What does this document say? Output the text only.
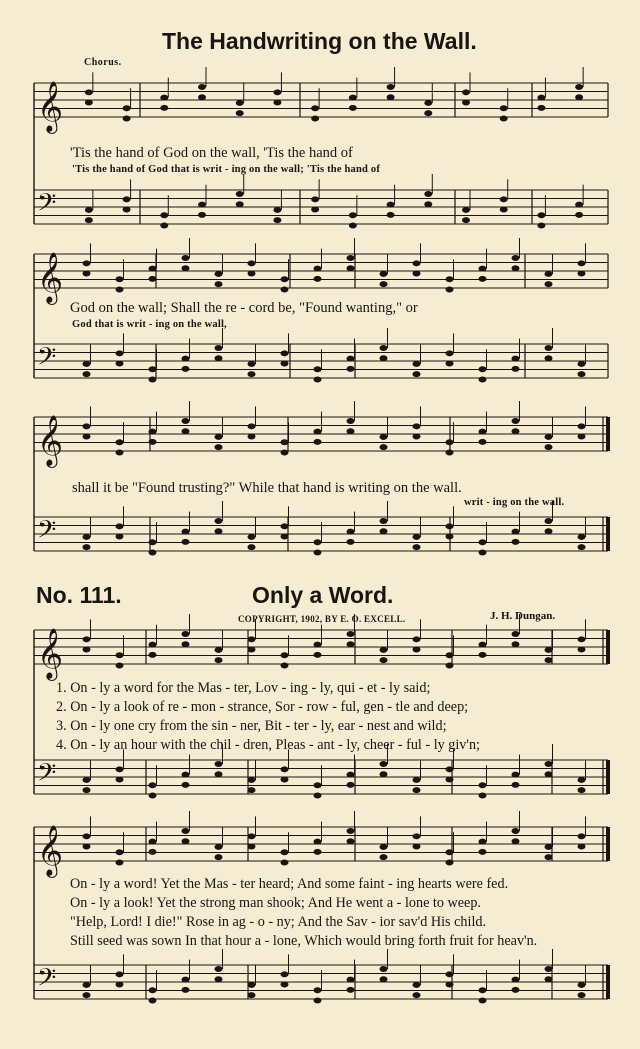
The Handwriting on the Wall.
Chorus.
𝄞
𝄢
𝄞
𝄢
𝄞
𝄢
𝄞
𝄢
𝄞
𝄢
'Tis the hand of God on the wall, 'Tis the hand of
'Tis the hand of God that is writ - ing on the wall; 'Tis the hand of
God on the wall; Shall the re - cord be, "Found wanting," or
God that is writ - ing on the wall,
shall it be "Found trusting?" While that hand is writing on the wall.
writ - ing on the wall.
No. 111.	Only a Word.
COPYRIGHT, 1902, BY E. O. EXCELL.	J. H. Dungan.
1. On - ly a word for the Mas - ter, Lov - ing - ly, qui - et - ly said;
2. On - ly a look of re - mon - strance, Sor - row - ful, gen - tle and deep;
3. On - ly one cry from the sin - ner, Bit - ter - ly, ear - nest and wild;
4. On - ly an hour with the chil - dren, Pleas - ant - ly, cheer - ful - ly giv'n;
On - ly a word! Yet the Mas - ter heard; And some faint - ing hearts were fed.
On - ly a look! Yet the strong man shook; And He went a - lone to weep.
"Help, Lord! I die!" Rose in ag - o - ny; And the Sav - ior sav'd His child.
Still seed was sown In that hour a - lone, Which would bring forth fruit for heav'n.
